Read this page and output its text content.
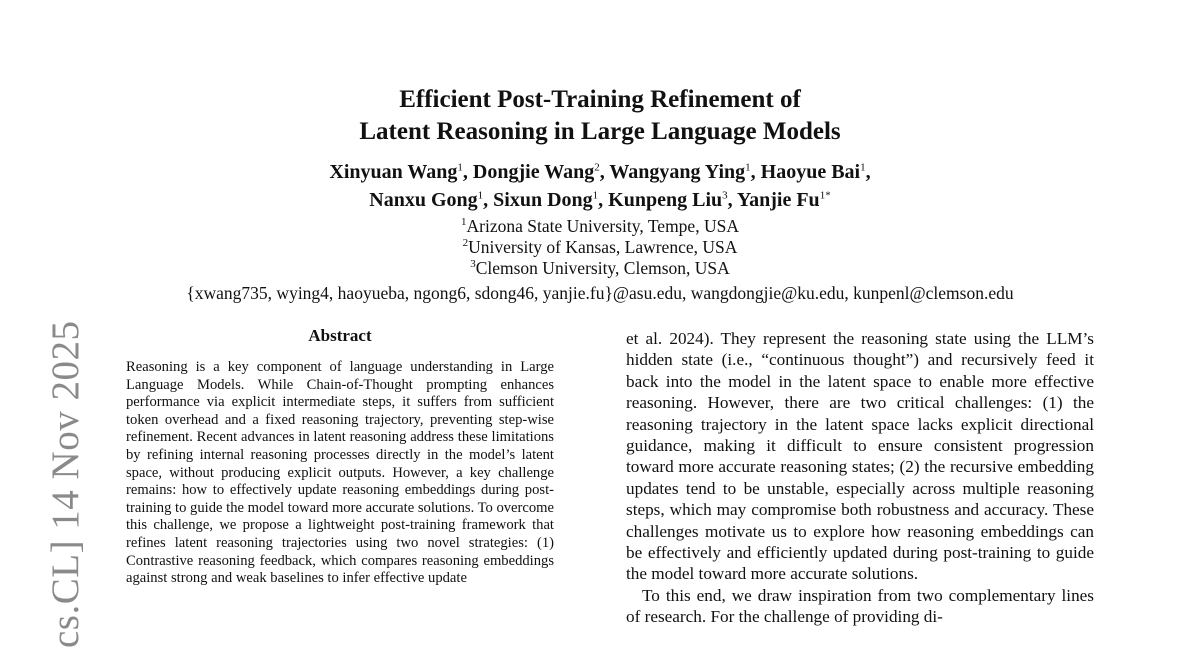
cs.CL] 14 Nov 2025
Efficient Post-Training Refinement of
Latent Reasoning in Large Language Models
Xinyuan Wang$^1$, Dongjie Wang$^2$, Wangyang Ying$^1$, Haoyue Bai$^1$,
Nanxu Gong$^1$, Sixun Dong$^1$, Kunpeng Liu$^3$, Yanjie $Fu^{1*}$
$^1$Arizona State University, Tempe, USA
$^2$University of Kansas, Lawrence, USA
$^3$Clemson University, Clemson, USA
{xwang735, wying4, haoyueba, ngong6, sdong46, yanjie.fu}@asu.edu, wangdongjie@ku.edu, kunpenl@clemson.edu
Abstract
Reasoning is a key component of language understanding in Large Language Models. While Chain-of-Thought prompting enhances performance via explicit intermediate steps, it suffers from sufficient token overhead and a fixed reasoning trajectory, preventing step-wise refinement. Recent advances in latent reasoning address these limitations by refining internal reasoning processes directly in the model’s latent space, without producing explicit outputs. However, a key challenge remains: how to effectively update reasoning embeddings during post-training to guide the model toward more accurate solutions. To overcome this challenge, we propose a lightweight post-training framework that refines latent reasoning trajectories using two novel strategies: (1) Contrastive reasoning feedback, which compares reasoning embeddings against strong and weak baselines to infer effective update

et al. 2024). They represent the reasoning state using the LLM’s hidden state (i.e., “continuous thought”) and recursively feed it back into the model in the latent space to enable more effective reasoning. However, there are two critical challenges: (1) the reasoning trajectory in the latent space lacks explicit directional guidance, making it difficult to ensure consistent progression toward more accurate reasoning states; (2) the recursive embedding updates tend to be unstable, especially across multiple reasoning steps, which may compromise both robustness and accuracy. These challenges motivate us to explore how reasoning embeddings can be effectively and efficiently updated during post-training to guide the model toward more accurate solutions.

To this end, we draw inspiration from two complementary lines of research. For the challenge of providing di-
